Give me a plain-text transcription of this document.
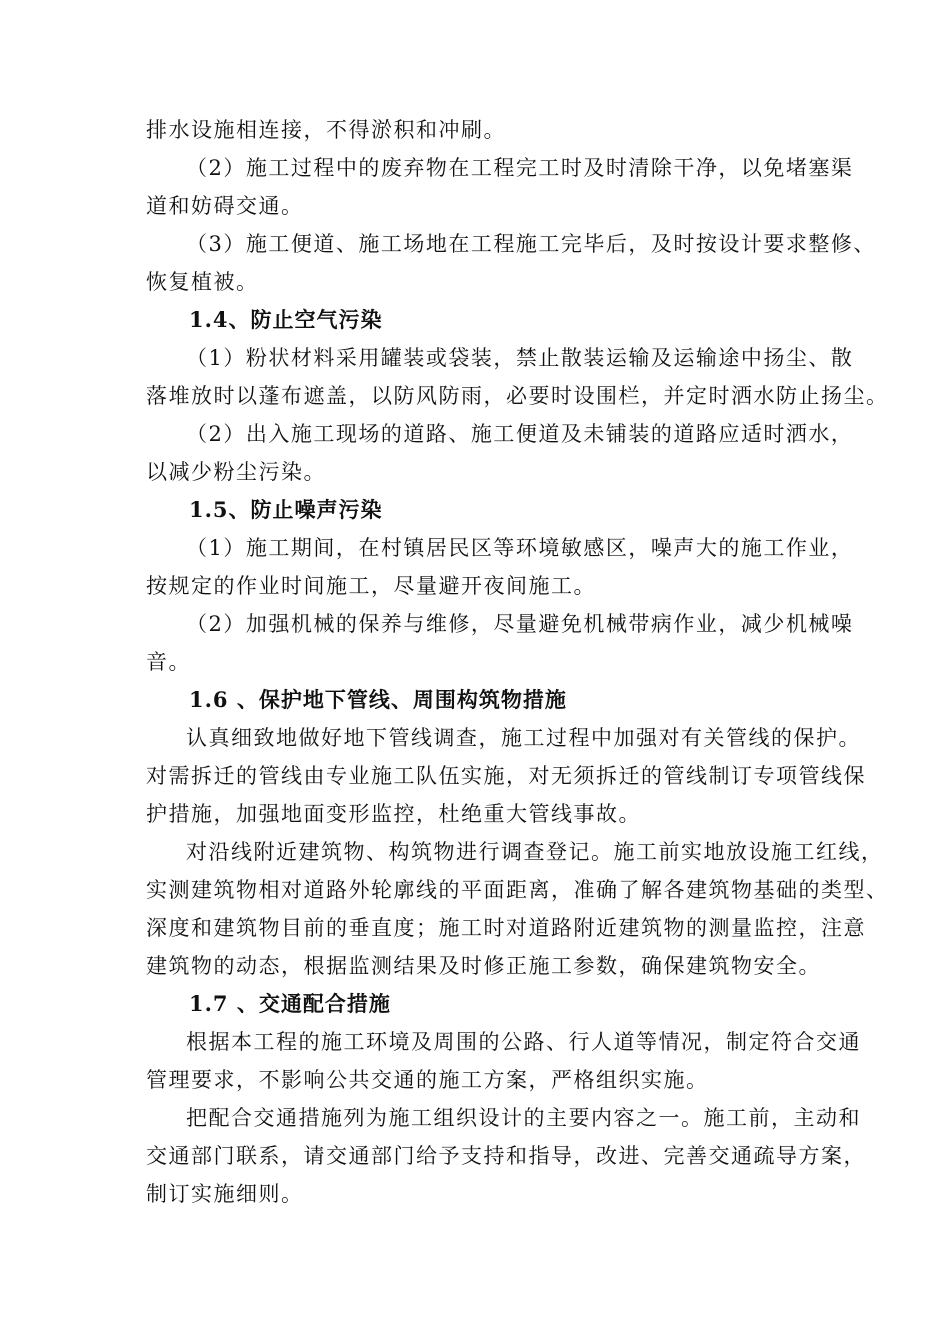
排水设施相连接，不得淤积和冲刷。
（2）施工过程中的废弃物在工程完工时及时清除干净，以免堵塞渠
道和妨碍交通。
（3）施工便道、施工场地在工程施工完毕后，及时按设计要求整修、
恢复植被。
1.4、防止空气污染
（1）粉状材料采用罐装或袋装，禁止散装运输及运输途中扬尘、散
落堆放时以蓬布遮盖，以防风防雨，必要时设围栏，并定时洒水防止扬尘。
（2）出入施工现场的道路、施工便道及未铺装的道路应适时洒水，
以减少粉尘污染。
1.5、防止噪声污染
（1）施工期间，在村镇居民区等环境敏感区，噪声大的施工作业，
按规定的作业时间施工，尽量避开夜间施工。
（2）加强机械的保养与维修，尽量避免机械带病作业，减少机械噪
音。
1.6 、保护地下管线、周围构筑物措施
认真细致地做好地下管线调查，施工过程中加强对有关管线的保护。
对需拆迁的管线由专业施工队伍实施，对无须拆迁的管线制订专项管线保
护措施，加强地面变形监控，杜绝重大管线事故。
对沿线附近建筑物、构筑物进行调查登记。施工前实地放设施工红线，
实测建筑物相对道路外轮廓线的平面距离，准确了解各建筑物基础的类型、
深度和建筑物目前的垂直度；施工时对道路附近建筑物的测量监控，注意
建筑物的动态，根据监测结果及时修正施工参数，确保建筑物安全。
1.7 、交通配合措施
根据本工程的施工环境及周围的公路、行人道等情况，制定符合交通
管理要求，不影响公共交通的施工方案，严格组织实施。
把配合交通措施列为施工组织设计的主要内容之一。施工前，主动和
交通部门联系，请交通部门给予支持和指导，改进、完善交通疏导方案，
制订实施细则。
